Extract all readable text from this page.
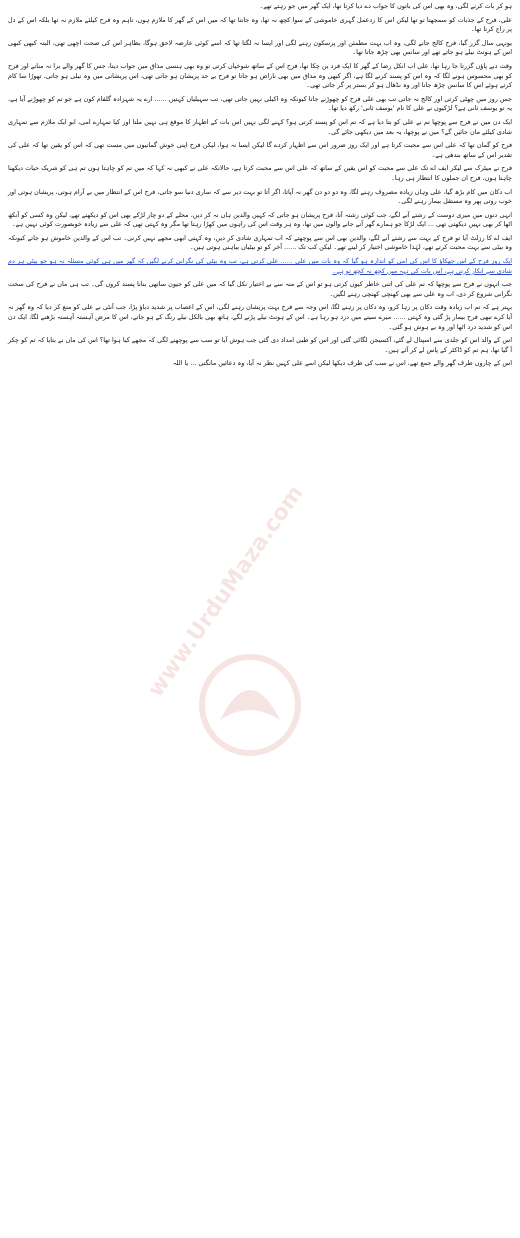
ہو کر بات کرنے لگی، وہ بھی اس کی باتوں کا جواب دے دیا کرتا تھا، ایک گھر میں جو رہتے تھے۔

علی، فرح کے جذبات کو سمجھتا تو تھا لیکن اس کا ردعمل گہری خاموشی کے سوا کچھ نہ تھا، وہ جانتا تھا کہ میں اس کے گھر کا ملازم ہوں، تاہم وہ فرح کیلئے ملازم نہ تھا بلکہ اس کے دل پر راج کرتا تھا۔

یونہی سال گزر گیا، فرح کالج جانے لگی، وہ اب بہت مطمئن اور پرسکون رہنے لگی اور ایسا نہ لگتا تھا کہ اسے کوئی عارضہ لاحق ہوگا، بظاہر اس کی صحت اچھی تھی، البتہ کبھی کبھی اس کے ہونٹ نیلے ہو جاتے تھے اور سانس بھی چڑھ جاتا تھا۔

وقت دبے پاؤں گزرتا جا رہا تھا، علی اب انکل رضا کے گھر کا ایک فرد بن چکا تھا، فرح اس کے ساتھ شوخیاں کرتی تو وہ بھی ہنسی مذاق میں جواب دیتا، جس کا گھر والے برا نہ مناتے اور فرح کو بھی محسوس ہونے لگا کہ وہ اس کو پسند کرنے لگا ہے، اگر کبھی وہ مذاق میں بھی ناراض ہو جاتا تو فرح بے حد پریشان ہو جاتی تھی، اس پریشانی میں وہ نیلی ہو جاتی، تھوڑا سا کام کرتے ہوئے اس کا سانس چڑھ جاتا اور وہ نڈھال ہو کر بستر پر گر جاتی تھی۔

جس روز میں چھٹی کرتی اور کالج نہ جاتی تب بھی علی فرح کو چھوڑنے جاتا کیونکہ وہ اکیلی نہیں جاتی تھی، تب سہیلیاں کہتیں ...... ارے یہ شہزادہ گلفام کون ہے جو تم کو چھوڑنے آیا ہے، یہ تو یوسف ثانی ہے؟ لڑکیوں نے علی کا نام 'یوسف ثانی' رکھ دیا تھا۔

ایک دن میں نے فرح سے پوچھا تم نے علی کو بتا دیا ہے کہ تم اس کو پسند کرتی ہو؟ کہنے لگی نہیں اس بات کے اظہار کا موقع ہی نہیں ملتا اور کیا تمہارے امی، ابو ایک ملازم سے تمہاری شادی کیلئے مان جائیں گے؟ میں نے پوچھا، یہ بعد میں دیکھی جائے گی۔

فرح کو گمان تھا کہ علی اس سے محبت کرتا ہے اور ایک روز ضرور اس سے اظہار کردے گا لیکن ایسا نہ ہوا، لیکن فرح اپنی خوش گمانیوں میں مست تھی کہ اس کو یقین تھا کہ علی کی تقدیر اس کے ساتھ بندھی ہے۔

فرح نے میٹرک سے لیکر ایف اے تک علی سے محبت کو اس یقین کے ساتھ کہ علی اس سے محبت کرتا ہے، حالانکہ علی نے کبھی نہ کہا کہ میں تم کو چاہتا ہوں تم ہی کو شریک حیات دیکھنا چاہتا ہوں، فرح ان جملوں کا انتظار ہی رہا۔

اب دکان میں کام بڑھ گیا، علی وہاں زیادہ مصروف رہنے لگا، وہ دو دو دن گھر نہ آپاتا، اگر آتا تو بہت دیر سے کہ ساری دنیا سو جاتی، فرح اس کے انتظار میں بے آرام ہوتی، پریشان ہوتی اور خوب روتی پھر وہ مستقل بیمار رہنے لگی۔

انہی دنوں میں میری دوست کے رشتے آنے لگے، جب کوئی رشتہ آتا، فرح پریشان ہو جاتی کہ کہیں والدین ہاں نہ کر دیں، محلے کے دو چار لڑکے بھی اس کو دیکھتے تھے، لیکن وہ کسی کو آنکھ اٹھا کر بھی نہیں دیکھتی تھی ... ایک لڑکا جو ہمارے گھر آنے جانے والوں میں تھا، وہ ہر وقت اس کی راہوں میں کھڑا رہتا تھا مگر وہ کہتی تھی کہ علی سے زیادہ خوبصورت کوئی نہیں ہے۔

ایف اے کا رزلٹ آیا تو فرح کے بہت سے رشتے آنے لگے، والدین بھی اس سے پوچھتے کہ اب تمہاری شادی کر دیں، وہ کہتی ابھی مجھے نہیں کرنی۔ تب اس کے والدین خاموش ہو جاتے کیونکہ وہ بیٹی سے بہت محبت کرتے تھے، لہٰذا خاموشی اختیار کر لیتے تھے۔ لیکن کب تک ...... آخر کو تو بیٹیاں بیاہنی ہوتی ہیں۔

ایک روز فرح کے اس جھکاؤ کا اس کی امی کو اندازہ ہو گیا کہ وہ بات میں علی ...... علی کرتی ہے، تب وہ بیٹی کی نگرانی کرنے لگیں کہ گھر میں ہی کوئی مسئلہ نہ ہو جو بیٹی ہر دم شادی سے انکار کرتی ہے، اس بات کی تہہ میں کچھ نہ کچھ تو ہے۔

جب انہوں نے فرح سے پوچھا کہ تم علی کی اتنی خاطر کیوں کرتی ہو تو اس کے منہ سے بے اختیار نکل گیا کہ میں علی کو جیون ساتھی بنانا پسند کروں گی۔ تب ہی ماں نے فرح کی سخت نگرانی شروع کر دی، اب وہ علی سے بھی کھنچی کھنچی رہنے لگیں۔

بہتر ہے کہ تم اب زیادہ وقت دکان پر رہا کرو، وہ دکان پر رہنے لگا، اس وجہ سے فرح بہت پریشان رہنے لگی، اس کے اعصاب پر شدید دباؤ پڑا، جب آنٹی نے علی کو منع کر دیا کہ وہ گھر نہ آیا کرے تبھی فرح بیمار پڑ گئی وہ کہتی ...... میرے سینے میں درد ہو رہا ہے۔ اس کے ہونٹ نیلے پڑنے لگے، ہاتھ بھی بالکل نیلے رنگ کے ہو جاتے، اس کا مرض آہستہ آہستہ بڑھنے لگا، ایک دن اس کو شدید درد اٹھا اور وہ بے ہوش ہو گئی۔

اس کے والد اس کو جلدی سے اسپتال لے گئے، آکسیجن لگائی گئی اور اس کو طبی امداد دی گئی جب ہوش آیا تو سب سے پوچھنے لگی کہ مجھے کیا ہوا تھا؟ اس کی ماں نے بتایا کہ تم کو چکر آ گیا تھا، ہم تم کو ڈاکٹر کے پاس لے کر آئے ہیں۔

اس کے چاروں طرف گھر والے جمع تھے، اس نے سب کی طرف دیکھا لیکن اسے علی کہیں نظر نہ آیا، وہ دعائیں مانگتی ... یا اللہ

www.UrduMaza.com
